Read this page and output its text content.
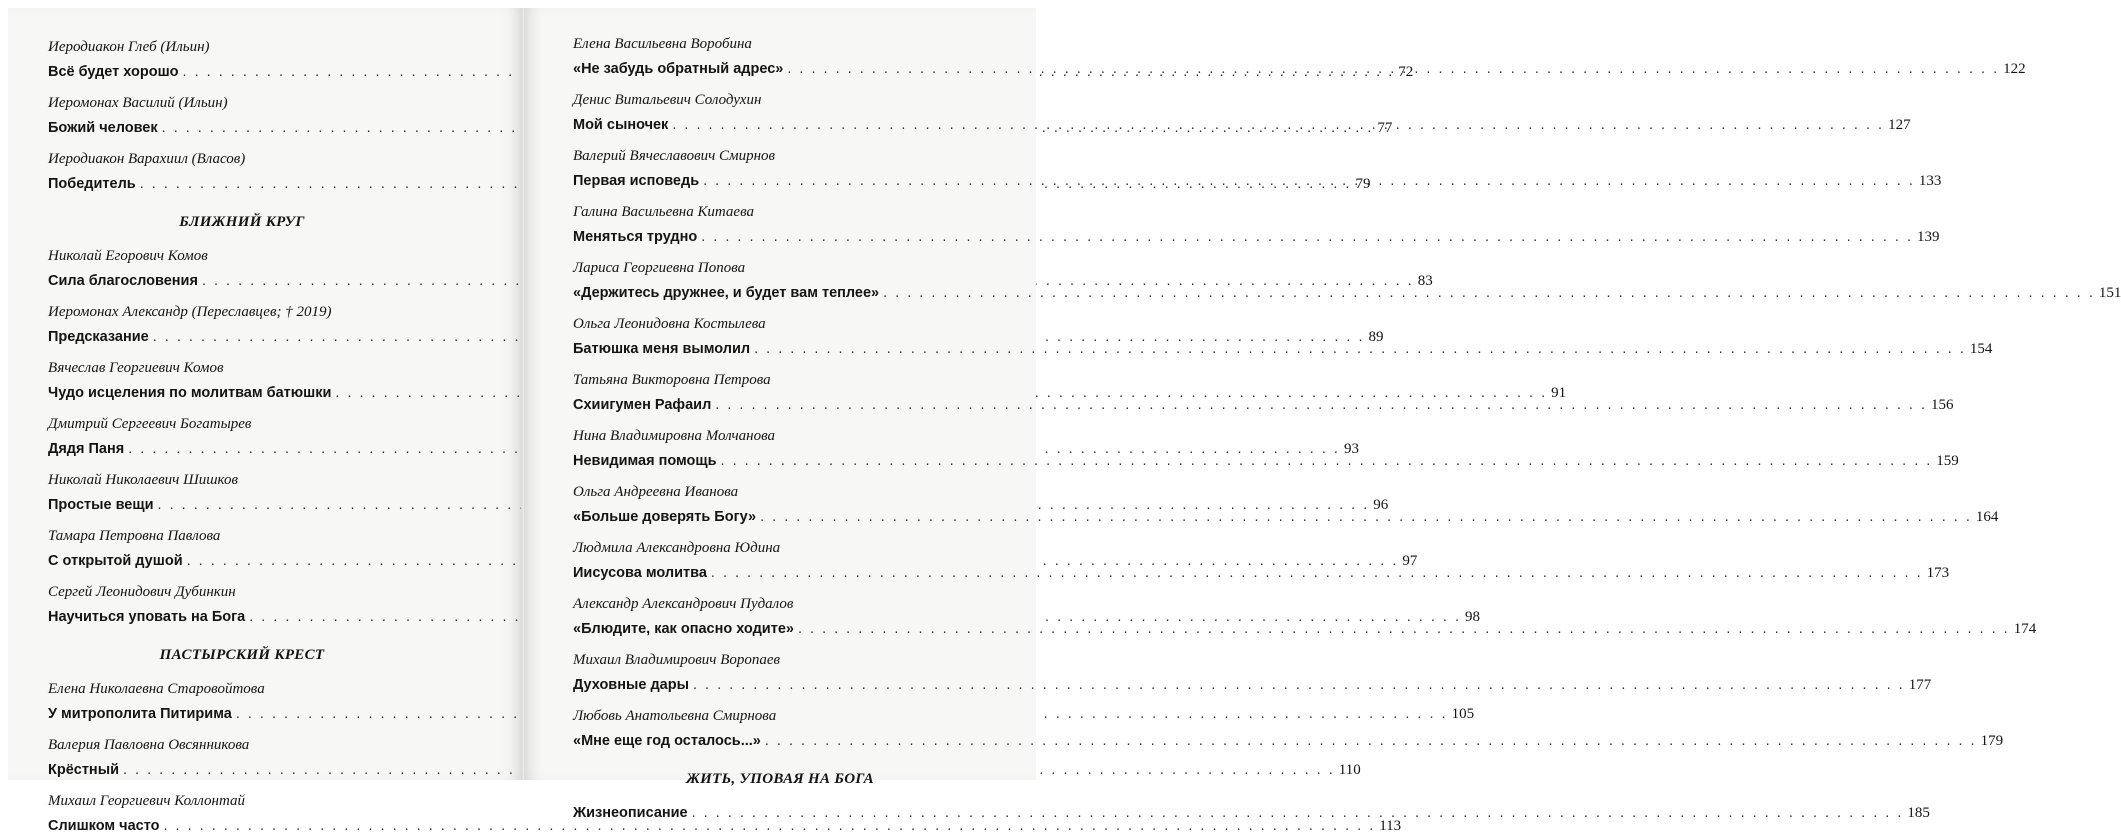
Иеродиакон Глеб (Ильин)
Всё будет хорошо . . .	72
Иеромонах Василий (Ильин)
Божий человек . . .	77
Иеродиакон Варахиил (Власов)
Победитель . . .	79
БЛИЖНИЙ КРУГ
Николай Егорович Комов
Сила благословения . . .	83
Иеромонах Александр (Переславцев; † 2019)
Предсказание . . .	89
Вячеслав Георгиевич Комов
Чудо исцеления по молитвам батюшки . . .	91
Дмитрий Сергеевич Богатырев
Дядя Паня . . .	93
Николай Николаевич Шишков
Простые вещи . . .	96
Тамара Петровна Павлова
С открытой душой . . .	97
Сергей Леонидович Дубинкин
Научиться уповать на Бога . . .	98
ПАСТЫРСКИЙ КРЕСТ
Елена Николаевна Старовойтова
У митрополита Питирима . . .	105
Валерия Павловна Овсянникова
Крёстный . . .	110
Михаил Георгиевич Коллонтай
Слишком часто . . .	113
Елена Васильевна Воробина
«Не забудь обратный адрес» . . .	122
Денис Витальевич Солодухин
Мой сыночек . . .	127
Валерий Вячеславович Смирнов
Первая исповедь . . .	133
Галина Васильевна Китаева
Меняться трудно . . .	139
Лариса Георгиевна Попова
«Держитесь дружнее, и будет вам теплее» . . .	151
Ольга Леонидовна Костылева
Батюшка меня вымолил . . .	154
Татьяна Викторовна Петрова
Схиигумен Рафаил . . .	156
Нина Владимировна Молчанова
Невидимая помощь . . .	159
Ольга Андреевна Иванова
«Больше доверять Богу» . . .	164
Людмила Александровна Юдина
Иисусова молитва . . .	173
Александр Александрович Пудалов
«Блюдите, как опасно ходите» . . .	174
Михаил Владимирович Воропаев
Духовные дары . . .	177
Любовь Анатольевна Смирнова
«Мне еще год осталось...» . . .	179
ЖИТЬ, УПОВАЯ НА БОГА
Жизнеописание . . .	185
